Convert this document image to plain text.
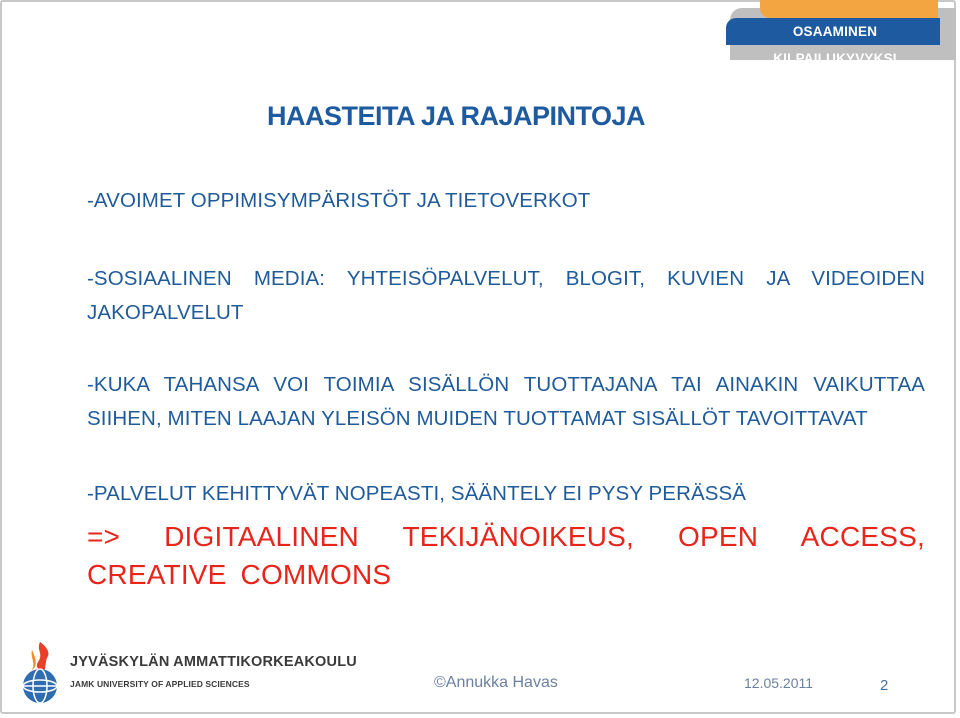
OSAAMINEN KILPAILUKYVYKSI
HAASTEITA JA RAJAPINTOJA
-AVOIMET OPPIMISYMPÄRISTÖT JA TIETOVERKOT
-SOSIAALINEN MEDIA: YHTEISÖPALVELUT, BLOGIT, KUVIEN JA VIDEOIDEN JAKOPALVELUT
-KUKA TAHANSA VOI TOIMIA SISÄLLÖN TUOTTAJANA TAI AINAKIN VAIKUTTAA SIIHEN, MITEN LAAJAN YLEISÖN MUIDEN TUOTTAMAT SISÄLLÖT TAVOITTAVAT
-PALVELUT KEHITTYVÄT NOPEASTI, SÄÄNTELY EI PYSY PERÄSSÄ
=> DIGITAALINEN TEKIJÄNOIKEUS, OPEN ACCESS, CREATIVE COMMONS
JYVÄSKYLÄN AMMATTIKORKEAKOULU
JAMK UNIVERSITY OF APPLIED SCIENCES	©Annukka Havas	12.05.2011	2
